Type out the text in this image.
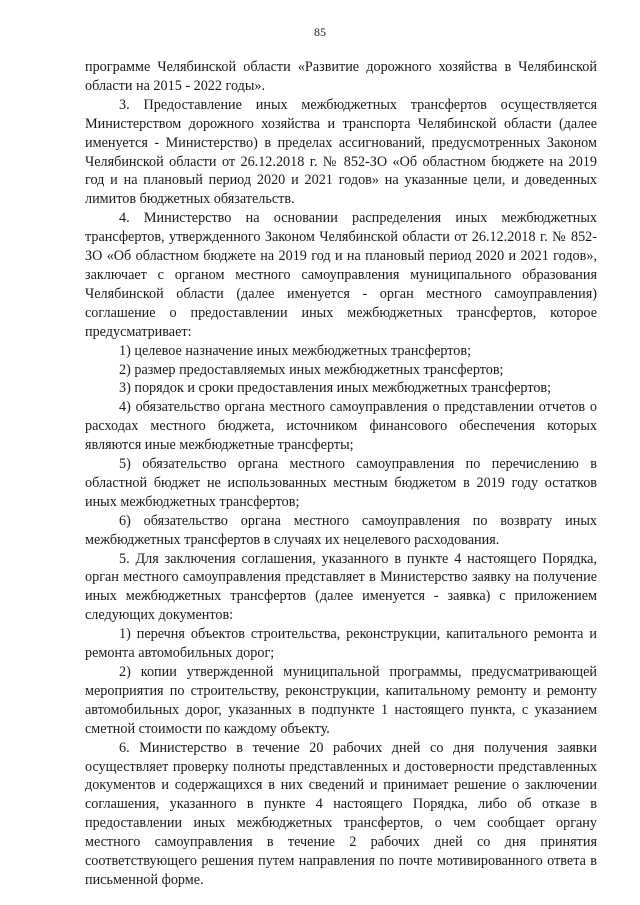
85

программе Челябинской области «Развитие дорожного хозяйства в Челябинской области на 2015 - 2022 годы».

3. Предоставление иных межбюджетных трансфертов осуществляется Министерством дорожного хозяйства и транспорта Челябинской области (далее именуется - Министерство) в пределах ассигнований, предусмотренных Законом Челябинской области от 26.12.2018 г. № 852-ЗО «Об областном бюджете на 2019 год и на плановый период 2020 и 2021 годов» на указанные цели, и доведенных лимитов бюджетных обязательств.

4. Министерство на основании распределения иных межбюджетных трансфертов, утвержденного Законом Челябинской области от 26.12.2018 г. № 852-ЗО «Об областном бюджете на 2019 год и на плановый период 2020 и 2021 годов», заключает с органом местного самоуправления муниципального образования Челябинской области (далее именуется - орган местного самоуправления) соглашение о предоставлении иных межбюджетных трансфертов, которое предусматривает:

1) целевое назначение иных межбюджетных трансфертов;

2) размер предоставляемых иных межбюджетных трансфертов;

3) порядок и сроки предоставления иных межбюджетных трансфертов;

4) обязательство органа местного самоуправления о представлении отчетов о расходах местного бюджета, источником финансового обеспечения которых являются иные межбюджетные трансферты;

5) обязательство органа местного самоуправления по перечислению в областной бюджет не использованных местным бюджетом в 2019 году остатков иных межбюджетных трансфертов;

6) обязательство органа местного самоуправления по возврату иных межбюджетных трансфертов в случаях их нецелевого расходования.

5. Для заключения соглашения, указанного в пункте 4 настоящего Порядка, орган местного самоуправления представляет в Министерство заявку на получение иных межбюджетных трансфертов (далее именуется - заявка) с приложением следующих документов:

1) перечня объектов строительства, реконструкции, капитального ремонта и ремонта автомобильных дорог;

2) копии утвержденной муниципальной программы, предусматривающей мероприятия по строительству, реконструкции, капитальному ремонту и ремонту автомобильных дорог, указанных в подпункте 1 настоящего пункта, с указанием сметной стоимости по каждому объекту.

6. Министерство в течение 20 рабочих дней со дня получения заявки осуществляет проверку полноты представленных и достоверности представленных документов и содержащихся в них сведений и принимает решение о заключении соглашения, указанного в пункте 4 настоящего Порядка, либо об отказе в предоставлении иных межбюджетных трансфертов, о чем сообщает органу местного самоуправления в течение 2 рабочих дней со дня принятия соответствующего решения путем направления по почте мотивированного ответа в письменной форме.
